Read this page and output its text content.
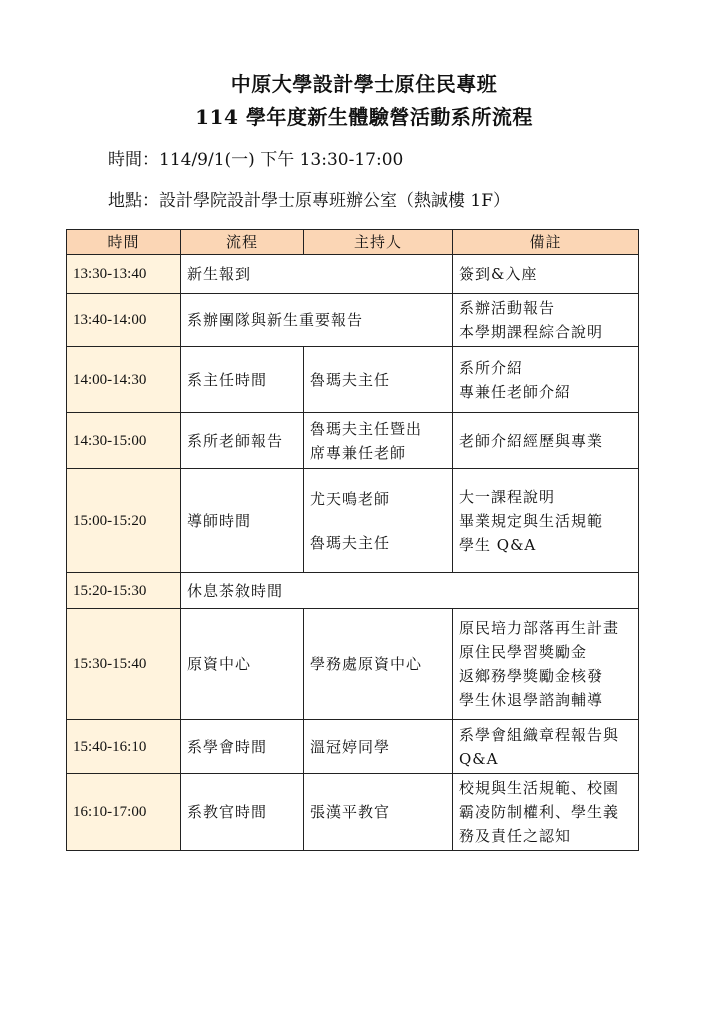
中原大學設計學士原住民專班
114 學年度新生體驗營活動系所流程

時間：114/9/1(一) 下午 13:30-17:00

地點：設計學院設計學士原專班辦公室（熱誠樓 1F）

時間	流程	主持人	備註
13:30-13:40	新生報到		簽到&入座

13:40-14:00	系辦團隊與新生重要報告		系辦活動報告
本學期課程綜合說明

14:00-14:30	系主任時間	魯瑪夫主任	系所介紹
專兼任老師介紹

14:30-15:00	系所老師報告	魯瑪夫主任暨出
席專兼任老師	老師介紹經歷與專業

15:00-15:20	導師時間	尤天鳴老師
魯瑪夫主任	大一課程說明
畢業規定與生活規範
學生 Q&A

15:20-15:30	休息茶敘時間		
15:30-15:40	原資中心	學務處原資中心	原民培力部落再生計畫
原住民學習獎勵金
返鄉務學獎勵金核發
學生休退學諮詢輔導

15:40-16:10	系學會時間	溫冠婷同學	系學會組織章程報告與
Q&A

16:10-17:00	系教官時間	張漢平教官	校規與生活規範、校園
霸凌防制權利、學生義
務及責任之認知
